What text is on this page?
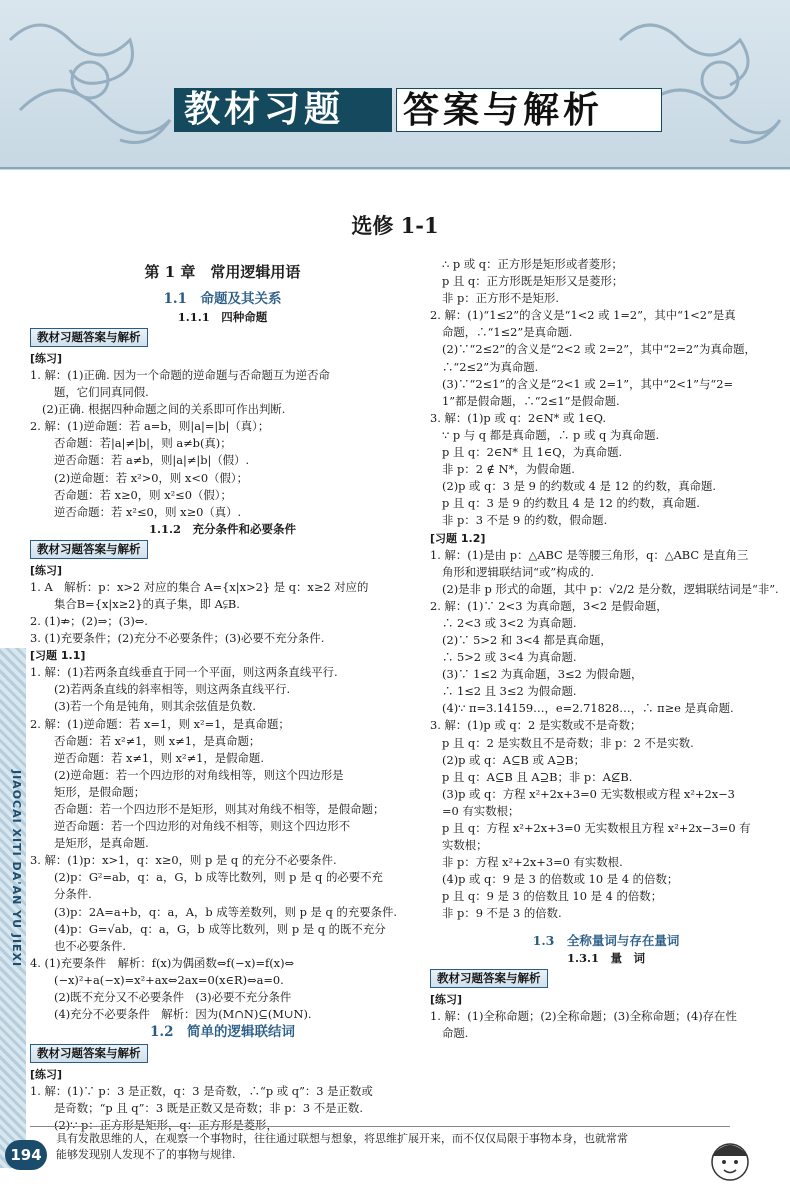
教材习题	答案与解析
选修 1-1
第 1 章　常用逻辑用语
1.1　命题及其关系
1.1.1　四种命题
教材习题答案与解析
[练习]
1. 解：(1)正确. 因为一个命题的逆命题与否命题互为逆否命
题，它们同真同假.
(2)正确. 根据四种命题之间的关系即可作出判断.
2. 解：(1)逆命题：若 a=b，则|a|=|b|（真）；
否命题：若|a|≠|b|，则 a≠b(真)；
逆否命题：若 a≠b，则|a|≠|b|（假）.
(2)逆命题：若 x²>0，则 x<0（假）；
否命题：若 x≥0，则 x²≤0（假）；
逆否命题：若 x²≤0，则 x≥0（真）.
1.1.2　充分条件和必要条件
教材习题答案与解析
[练习]
1. A　解析：p：x>2 对应的集合 A={x|x>2} 是 q：x≥2 对应的
集合B={x|x≥2}的真子集，即 A⫋B.
2. (1)⇏；(2)⇒；(3)⇔.
3. (1)充要条件；(2)充分不必要条件；(3)必要不充分条件.
[习题 1.1]
1. 解：(1)若两条直线垂直于同一个平面，则这两条直线平行.
(2)若两条直线的斜率相等，则这两条直线平行.
(3)若一个角是钝角，则其余弦值是负数.
2. 解：(1)逆命题：若 x=1，则 x²=1，是真命题；
否命题：若 x²≠1，则 x≠1，是真命题；
逆否命题：若 x≠1，则 x²≠1，是假命题.
(2)逆命题：若一个四边形的对角线相等，则这个四边形是
矩形，是假命题；
否命题：若一个四边形不是矩形，则其对角线不相等，是假命题；
逆否命题：若一个四边形的对角线不相等，则这个四边形不
是矩形，是真命题.
3. 解：(1)p：x>1，q：x≥0，则 p 是 q 的充分不必要条件.
(2)p：G²=ab，q：a，G，b 成等比数列，则 p 是 q 的必要不充
分条件.
(3)p：2A=a+b，q：a，A，b 成等差数列，则 p 是 q 的充要条件.
(4)p：G=√ab，q：a，G，b 成等比数列，则 p 是 q 的既不充分
也不必要条件.
4. (1)充要条件　解析：f(x)为偶函数⇔f(−x)=f(x)⇔
(−x)²+a(−x)=x²+ax⇔2ax=0(x∈R)⇔a=0.
(2)既不充分又不必要条件　(3)必要不充分条件
(4)充分不必要条件　解析：因为(M∩N)⊆(M∪N).
1.2　简单的逻辑联结词
教材习题答案与解析
[练习]
1. 解：(1)∵ p：3 是正数，q：3 是奇数，∴“p 或 q”：3 是正数或
是奇数；“p 且 q”：3 既是正数又是奇数；非 p：3 不是正数.
(2)∵ p：正方形是矩形，q：正方形是菱形，
∴ p 或 q：正方形是矩形或者菱形；
p 且 q：正方形既是矩形又是菱形；
非 p：正方形不是矩形.
2. 解：(1)“1≤2”的含义是“1<2 或 1=2”，其中“1<2”是真
命题，∴“1≤2”是真命题.
(2)∵“2≤2”的含义是“2<2 或 2=2”，其中“2=2”为真命题，
∴“2≤2”为真命题.
(3)∵“2≤1”的含义是“2<1 或 2=1”，其中“2<1”与“2=
1”都是假命题，∴“2≤1”是假命题.
3. 解：(1)p 或 q：2∈N* 或 1∈Q.
∵ p 与 q 都是真命题，∴ p 或 q 为真命题.
p 且 q：2∈N* 且 1∈Q，为真命题.
非 p：2 ∉ N*，为假命题.
(2)p 或 q：3 是 9 的约数或 4 是 12 的约数，真命题.
p 且 q：3 是 9 的约数且 4 是 12 的约数，真命题.
非 p：3 不是 9 的约数，假命题.
[习题 1.2]
1. 解：(1)是由 p：△ABC 是等腰三角形，q：△ABC 是直角三
角形和逻辑联结词“或”构成的.
(2)是非 p 形式的命题，其中 p：√2/2 是分数，逻辑联结词是“非”.
2. 解：(1)∵ 2<3 为真命题，3<2 是假命题，
∴ 2<3 或 3<2 为真命题.
(2)∵ 5>2 和 3<4 都是真命题，
∴ 5>2 或 3<4 为真命题.
(3)∵ 1≤2 为真命题，3≤2 为假命题，
∴ 1≤2 且 3≤2 为假命题.
(4)∵ π=3.14159…，e=2.71828…，∴ π≥e 是真命题.
3. 解：(1)p 或 q：2 是实数或不是奇数；
p 且 q：2 是实数且不是奇数；非 p：2 不是实数.
(2)p 或 q：A⊆B 或 A⊇B；
p 且 q：A⊆B 且 A⊇B；非 p：A⊈B.
(3)p 或 q：方程 x²+2x+3=0 无实数根或方程 x²+2x−3
=0 有实数根；
p 且 q：方程 x²+2x+3=0 无实数根且方程 x²+2x−3=0 有
实数根；
非 p：方程 x²+2x+3=0 有实数根.
(4)p 或 q：9 是 3 的倍数或 10 是 4 的倍数；
p 且 q：9 是 3 的倍数且 10 是 4 的倍数；
非 p：9 不是 3 的倍数.
1.3　全称量词与存在量词
1.3.1　量　词
教材习题答案与解析
[练习]
1. 解：(1)全称命题；(2)全称命题；(3)全称命题；(4)存在性
命题.
JIAOCAI XITI DA'AN YU JIEXI
具有发散思维的人，在观察一个事物时，往往通过联想与想象，将思维扩展开来，而不仅仅局限于事物本身，也就常常
能够发现别人发现不了的事物与规律.
194
